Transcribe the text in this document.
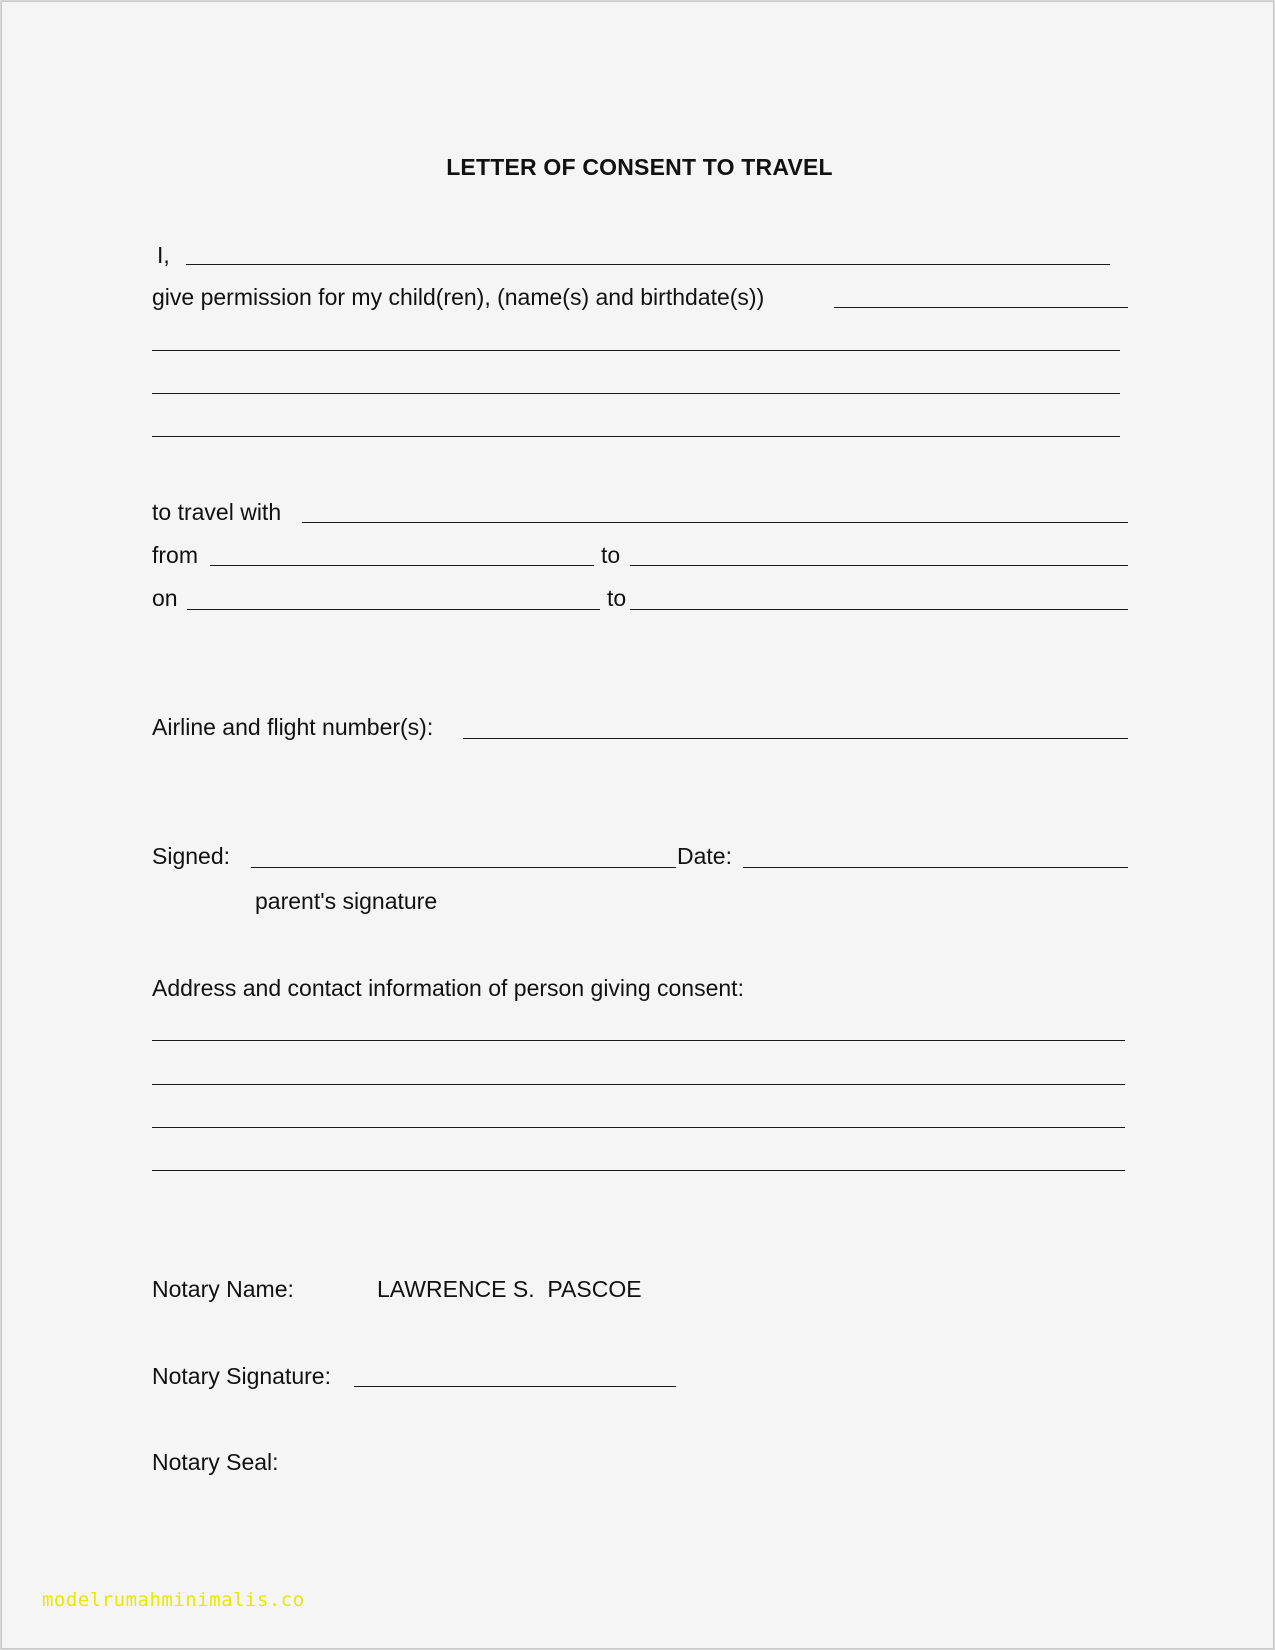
LETTER OF CONSENT TO TRAVEL
I,
give permission for my child(ren), (name(s) and birthdate(s))
to travel with
from	to
on	to
Airline and flight number(s):
Signed:	Date:
parent's signature
Address and contact information of person giving consent:
Notary Name:	LAWRENCE S.  PASCOE
Notary Signature:
Notary Seal:
modelrumahminimalis.co
